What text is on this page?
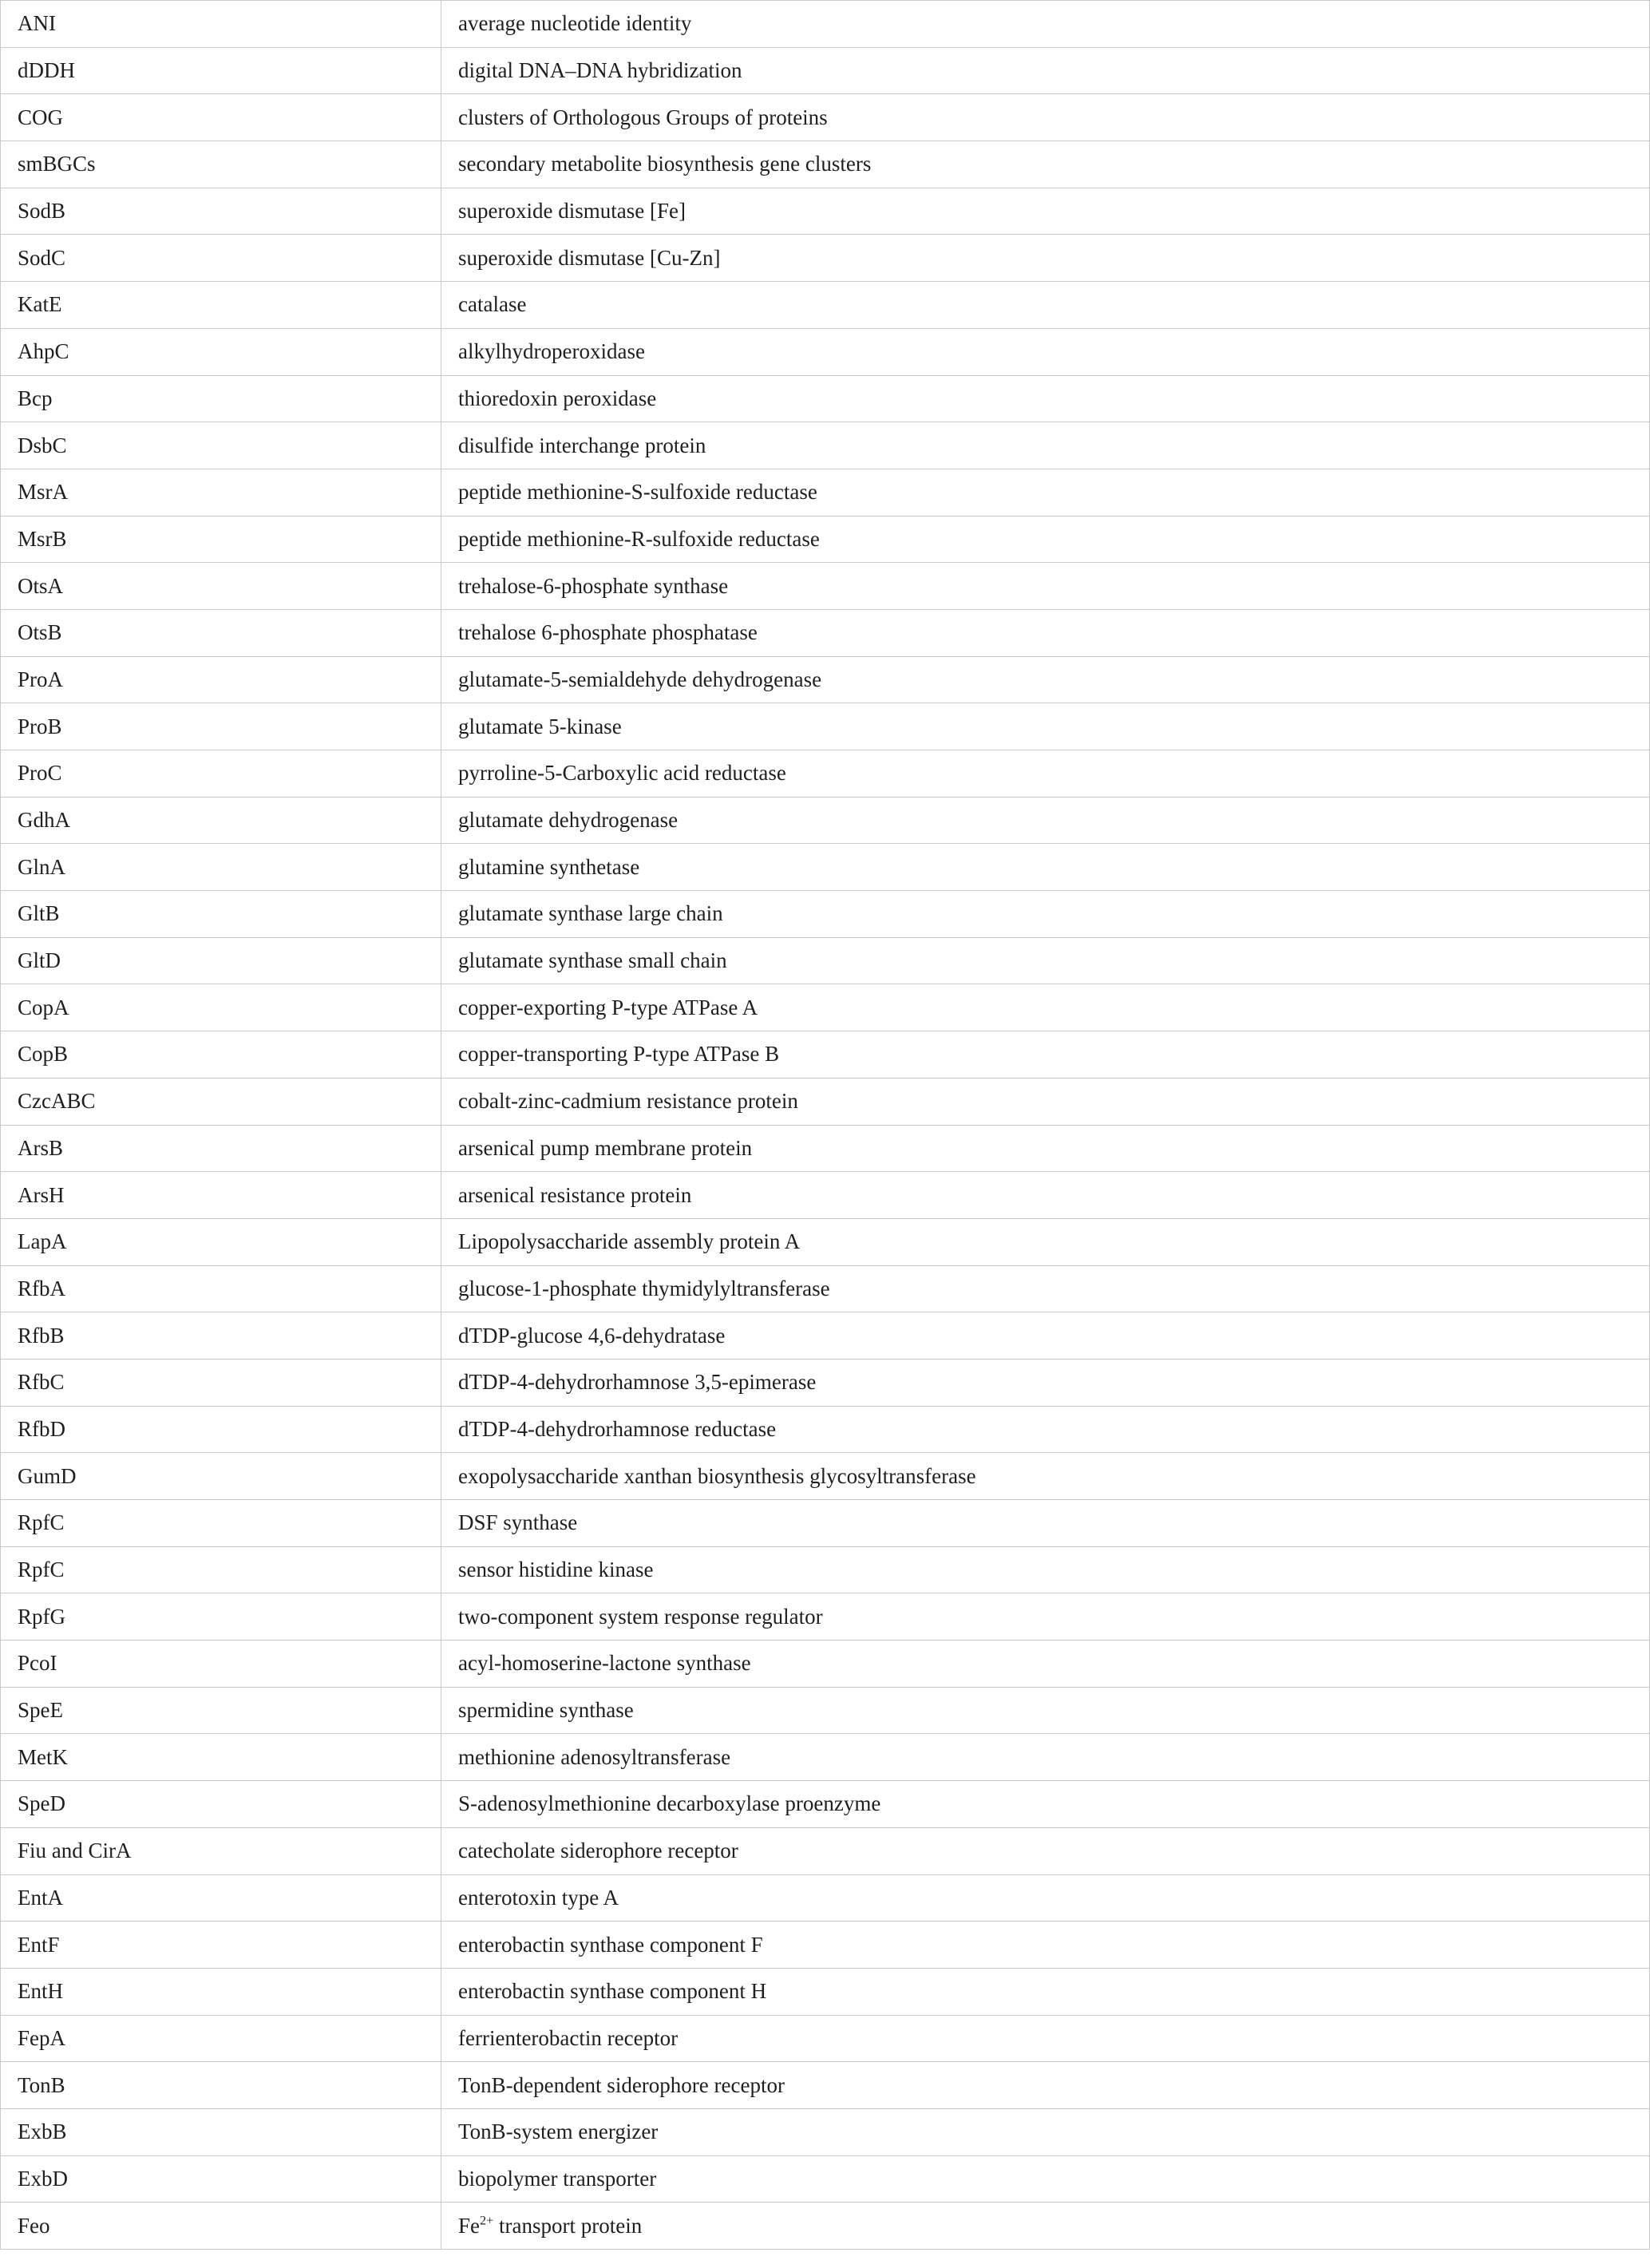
ANI	average nucleotide identity
dDDH	digital DNA–DNA hybridization
COG	clusters of Orthologous Groups of proteins
smBGCs	secondary metabolite biosynthesis gene clusters
SodB	superoxide dismutase [Fe]
SodC	superoxide dismutase [Cu-Zn]
KatE	catalase
AhpC	alkylhydroperoxidase
Bcp	thioredoxin peroxidase
DsbC	disulfide interchange protein
MsrA	peptide methionine-S-sulfoxide reductase
MsrB	peptide methionine-R-sulfoxide reductase
OtsA	trehalose-6-phosphate synthase
OtsB	trehalose 6-phosphate phosphatase
ProA	glutamate-5-semialdehyde dehydrogenase
ProB	glutamate 5-kinase
ProC	pyrroline-5-Carboxylic acid reductase
GdhA	glutamate dehydrogenase
GlnA	glutamine synthetase
GltB	glutamate synthase large chain
GltD	glutamate synthase small chain
CopA	copper-exporting P-type ATPase A
CopB	copper-transporting P-type ATPase B
CzcABC	cobalt-zinc-cadmium resistance protein
ArsB	arsenical pump membrane protein
ArsH	arsenical resistance protein
LapA	Lipopolysaccharide assembly protein A
RfbA	glucose-1-phosphate thymidylyltransferase
RfbB	dTDP-glucose 4,6-dehydratase
RfbC	dTDP-4-dehydrorhamnose 3,5-epimerase
RfbD	dTDP-4-dehydrorhamnose reductase
GumD	exopolysaccharide xanthan biosynthesis glycosyltransferase
RpfC	DSF synthase
RpfC	sensor histidine kinase
RpfG	two-component system response regulator
PcoI	acyl-homoserine-lactone synthase
SpeE	spermidine synthase
MetK	methionine adenosyltransferase
SpeD	S-adenosylmethionine decarboxylase proenzyme
Fiu and CirA	catecholate siderophore receptor
EntA	enterotoxin type A
EntF	enterobactin synthase component F
EntH	enterobactin synthase component H
FepA	ferrienterobactin receptor
TonB	TonB-dependent siderophore receptor
ExbB	TonB-system energizer
ExbD	biopolymer transporter
Feo	$Fe^{2+}$ transport protein
